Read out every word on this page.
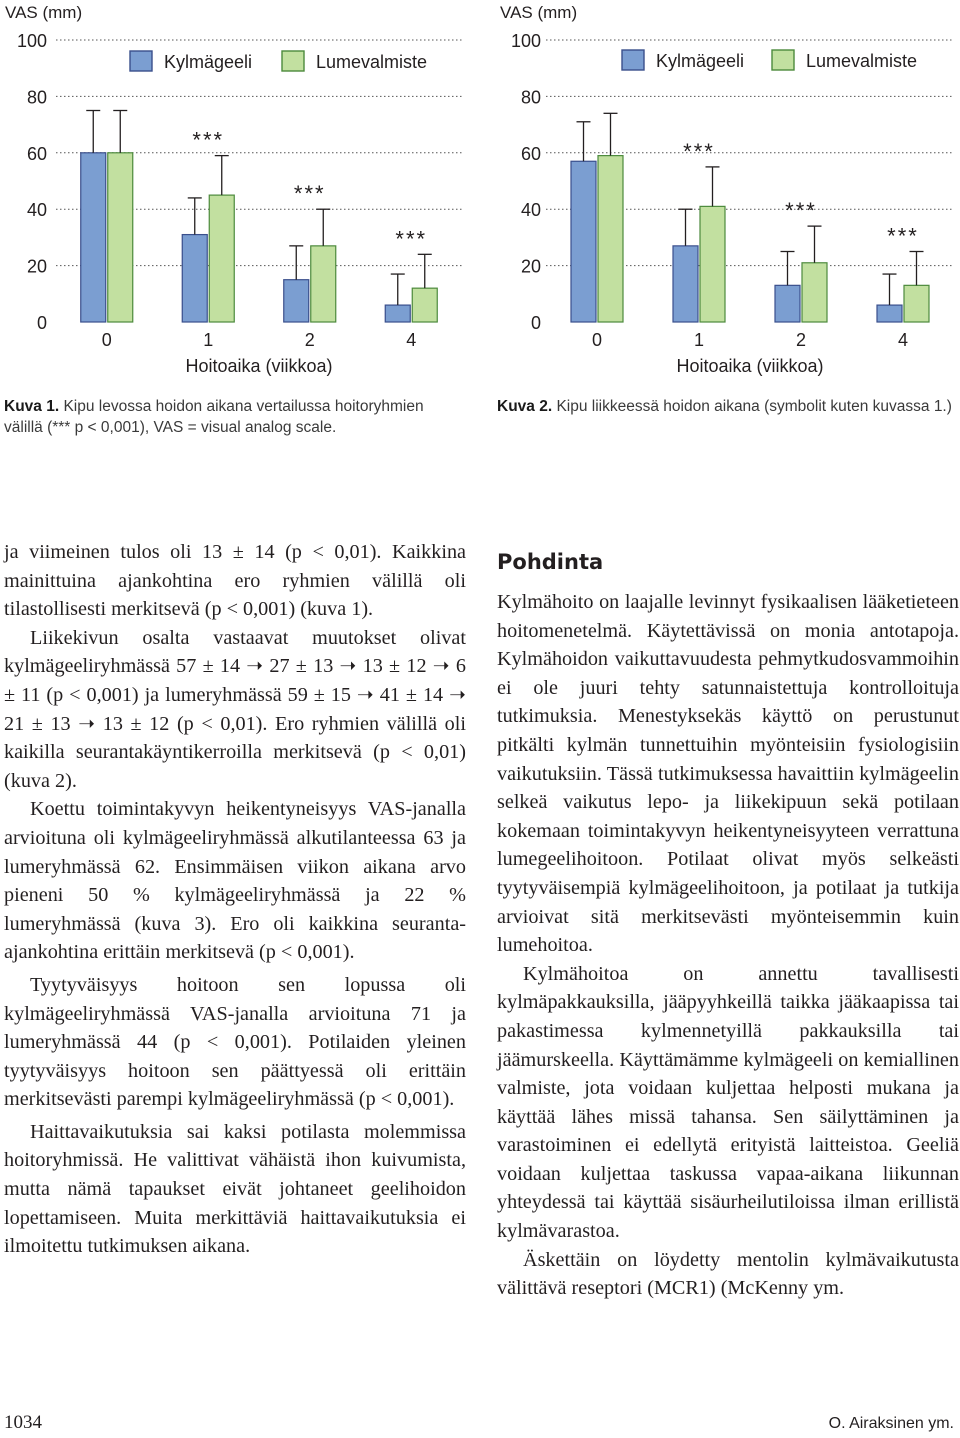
VAS (mm)
0
20
40
60
80
100
Kylmägeeli	Lumevalmiste
0
***
1
***
2
***
4
Hoitoaika (viikkoa)
VAS (mm)
0
20
40
60
80
100
Kylmägeeli	Lumevalmiste
0
***
1
***
2
***
4
Hoitoaika (viikkoa)
Kuva 1. Kipu levossa hoidon aikana vertailussa hoitoryhmien välillä (*** p < 0,001), VAS = visual analog scale.
Kuva 2. Kipu liikkeessä hoidon aikana (symbolit kuten kuvassa 1.)

ja viimeinen tulos oli 13 ± 14 (p < 0,01). Kaikkina mainittuina ajankohtina ero ryhmien välillä oli tilastollisesti merkitsevä (p < 0,001) (kuva 1).

Liikekivun osalta vastaavat muutokset olivat kylmägeeliryhmässä 57 ± 14 ➝ 27 ± 13 ➝ 13 ± 12 ➝ 6 ± 11 (p < 0,001) ja lumeryhmässä 59 ± 15 ➝ 41 ± 14 ➝ 21 ± 13 ➝ 13 ± 12 (p < 0,01). Ero ryhmien välillä oli kaikilla seurantakäyntikerroilla merkitsevä (p < 0,01) (kuva 2).

Koettu toimintakyvyn heikentyneisyys VAS-janalla arvioituna oli kylmägeeliryhmässä alkutilanteessa 63 ja lumeryhmässä 62. Ensimmäisen viikon aikana arvo pieneni 50 % kylmägeeliryhmässä ja 22 % lumeryhmässä (kuva 3). Ero oli kaikkina seuranta-ajankohtina erittäin merkitsevä (p < 0,001).

Tyytyväisyys hoitoon sen lopussa oli kylmägeeliryhmässä VAS-janalla arvioituna 71 ja lumeryhmässä 44 (p < 0,001). Potilaiden yleinen tyytyväisyys hoitoon sen päättyessä oli erittäin merkitsevästi parempi kylmägeeliryhmässä (p < 0,001).

Haittavaikutuksia sai kaksi potilasta molemmissa hoitoryhmissä. He valittivat vähäistä ihon kuivumista, mutta nämä tapaukset eivät johtaneet geelihoidon lopettamiseen. Muita merkittäviä haittavaikutuksia ei ilmoitettu tutkimuksen aikana.

Pohdinta

Kylmähoito on laajalle levinnyt fysikaalisen lääketieteen hoitomenetelmä. Käytettävissä on monia antotapoja. Kylmähoidon vaikuttavuudesta pehmytkudosvammoihin ei ole juuri tehty satunnaistettuja kontrolloituja tutkimuksia. Menestyksekäs käyttö on perustunut pitkälti kylmän tunnettuihin myönteisiin fysiologisiin vaikutuksiin. Tässä tutkimuksessa havaittiin kylmägeelin selkeä vaikutus lepo- ja liikekipuun sekä potilaan kokemaan toimintakyvyn heikentyneisyyteen verrattuna lumegeelihoitoon. Potilaat olivat myös selkeästi tyytyväisempiä kylmägeelihoitoon, ja potilaat ja tutkija arvioivat sitä merkitsevästi myönteisemmin kuin lumehoitoa.

Kylmähoitoa on annettu tavallisesti kylmäpakkauksilla, jääpyyhkeillä taikka jääkaapissa tai pakastimessa kylmennetyillä pakkauksilla tai jäämurskeella. Käyttämämme kylmägeeli on kemiallinen valmiste, jota voidaan kuljettaa helposti mukana ja käyttää lähes missä tahansa. Sen säilyttäminen ja varastoiminen ei edellytä erityistä laitteistoa. Geeliä voidaan kuljettaa taskussa vapaa-aikana liikunnan yhteydessä tai käyttää sisäurheilutiloissa ilman erillistä kylmävarastoa.

Äskettäin on löydetty mentolin kylmävaikutusta välittävä reseptori (MCR1) (McKenny ym.

1034	O. Airaksinen ym.
